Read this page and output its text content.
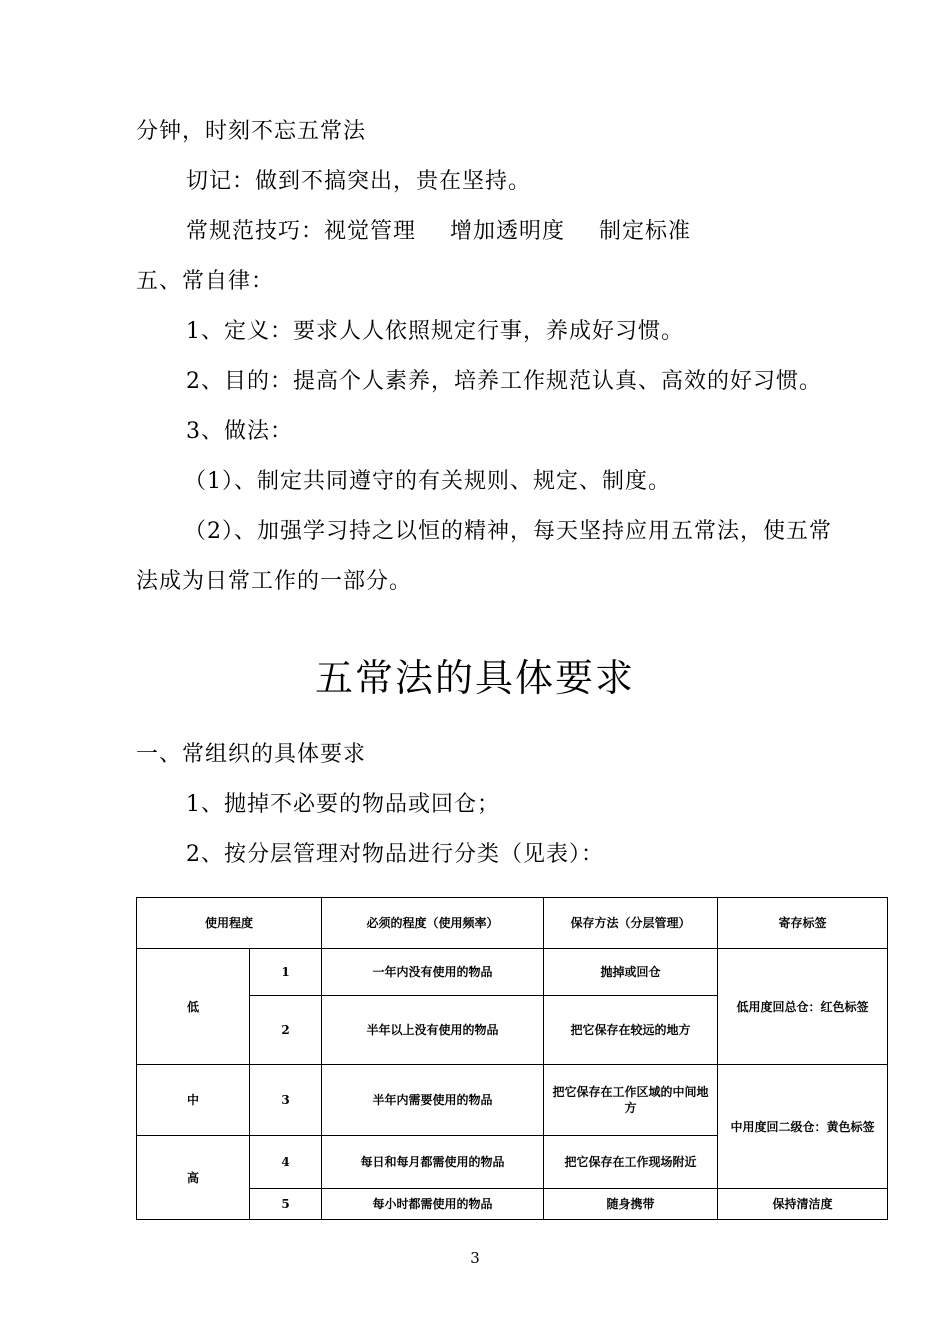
分钟，时刻不忘五常法
切记：做到不搞突出，贵在坚持。
常规范技巧：视觉管理 增加透明度 制定标准
五、常自律：
1、定义：要求人人依照规定行事，养成好习惯。
2、目的：提高个人素养，培养工作规范认真、高效的好习惯。
3、做法：
（1）、制定共同遵守的有关规则、规定、制度。
（2）、加强学习持之以恒的精神，每天坚持应用五常法，使五常
法成为日常工作的一部分。
五常法的具体要求
一、常组织的具体要求
1、抛掉不必要的物品或回仓；
2、按分层管理对物品进行分类（见表）：
使用程度		必须的程度（使用频率）	保存方法（分层管理）	寄存标签
低	1	一年内没有使用的物品	抛掉或回仓	低用度回总仓：红色标签
	2	半年以上没有使用的物品	把它保存在较远的地方	
中	3	半年内需要使用的物品	把它保存在工作区域的中间地方	中用度回二级仓：黄色标签
高	4	每日和每月都需使用的物品	把它保存在工作现场附近	
	5	每小时都需使用的物品	随身携带	保持清洁度
3
